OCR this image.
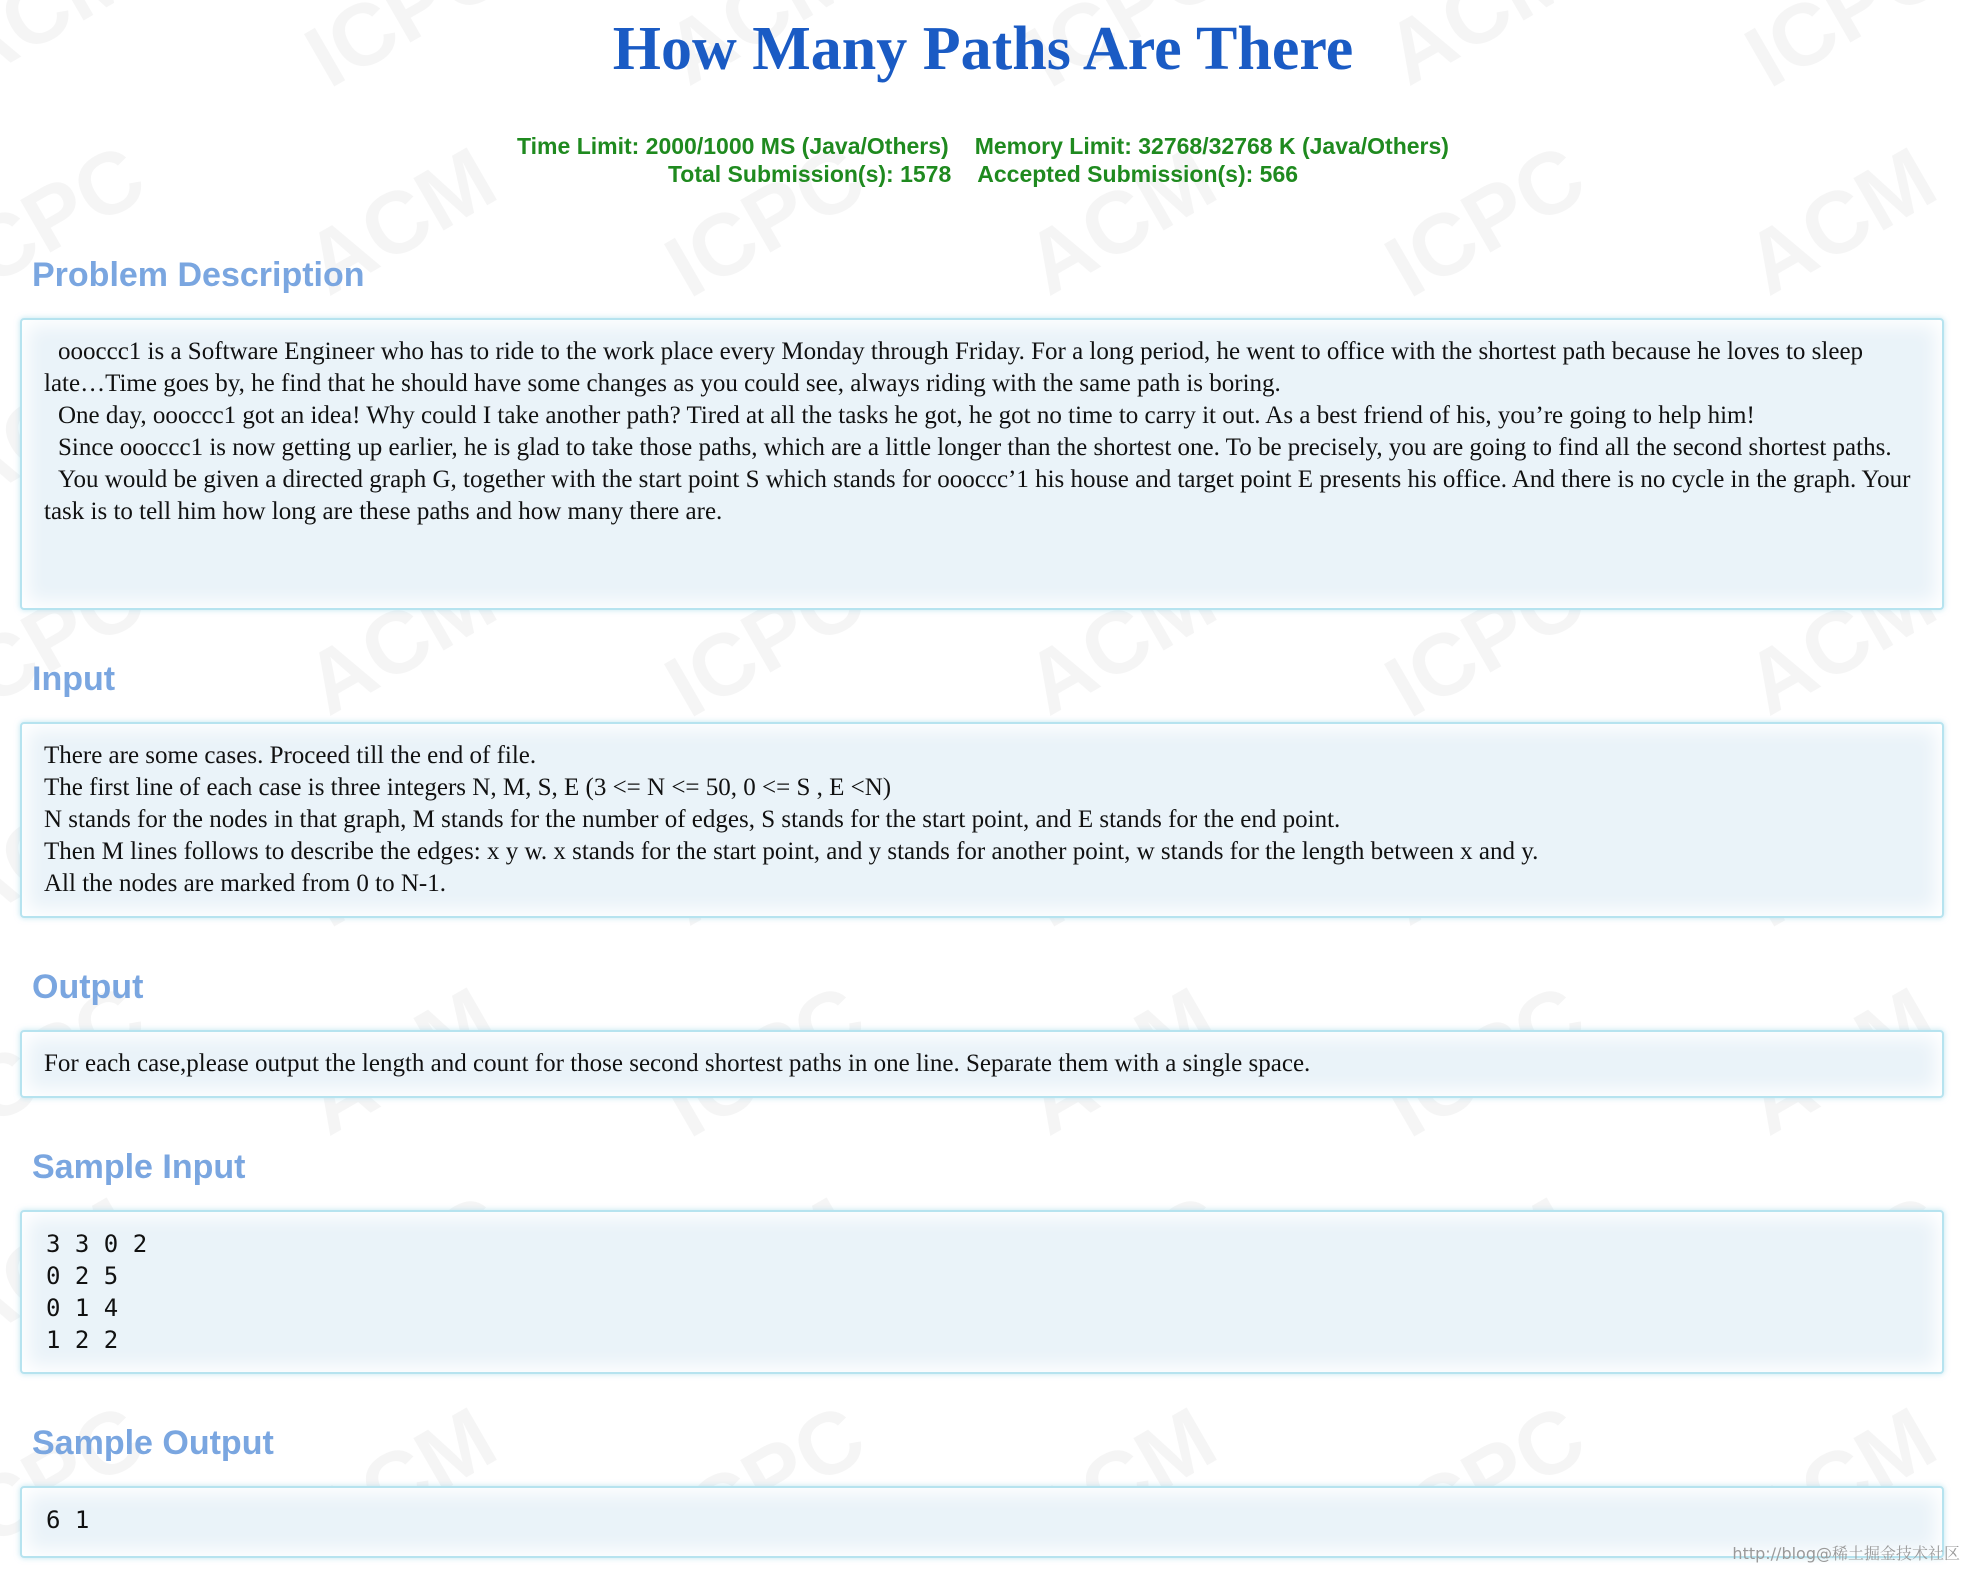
How Many Paths Are There
Time Limit: 2000/1000 MS (Java/Others) Memory Limit: 32768/32768 K (Java/Others)
Total Submission(s): 1578 Accepted Submission(s): 566
Problem Description

oooccc1 is a Software Engineer who has to ride to the work place every Monday through Friday. For a long period, he went to office with the shortest path because he loves to sleep late…Time goes by, he find that he should have some changes as you could see, always riding with the same path is boring.

One day, oooccc1 got an idea! Why could I take another path? Tired at all the tasks he got, he got no time to carry it out. As a best friend of his, you’re going to help him!

Since oooccc1 is now getting up earlier, he is glad to take those paths, which are a little longer than the shortest one. To be precisely, you are going to find all the second shortest paths.

You would be given a directed graph G, together with the start point S which stands for oooccc’1 his house and target point E presents his office. And there is no cycle in the graph. Your task is to tell him how long are these paths and how many there are.

Input

There are some cases. Proceed till the end of file.

The first line of each case is three integers N, M, S, E (3 <= N <= 50, 0 <= S , E <N)

N stands for the nodes in that graph, M stands for the number of edges, S stands for the start point, and E stands for the end point.

Then M lines follows to describe the edges: x y w. x stands for the start point, and y stands for another point, w stands for the length between x and y.

All the nodes are marked from 0 to N-1.

Output

For each case,please output the length and count for those second shortest paths in one line. Separate them with a single space.

Sample Input

3 3 0 2

0 2 5

0 1 4

1 2 2

Sample Output

6 1

http://blog@稀土掘金技术社区
